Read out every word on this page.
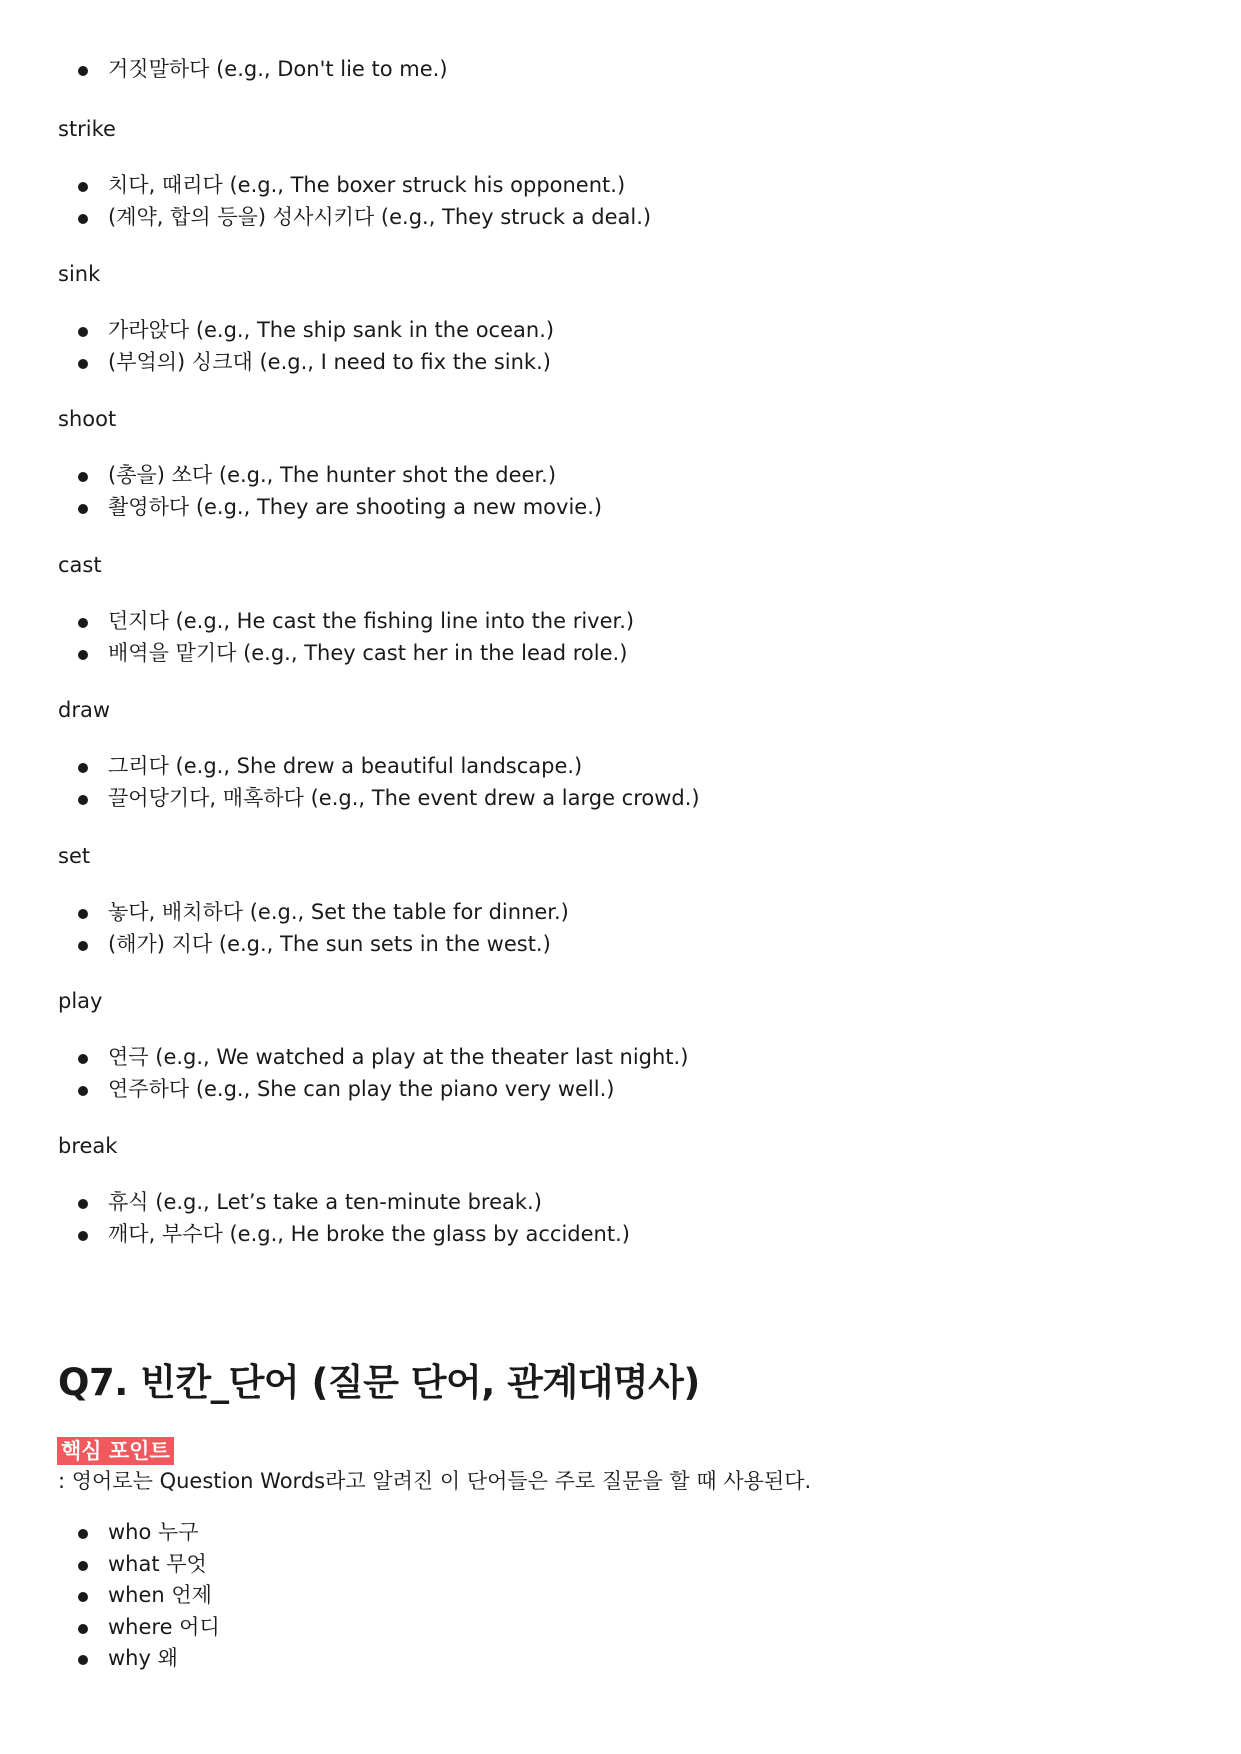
거짓말하다 (e.g., Don't lie to me.)
strike
치다, 때리다 (e.g., The boxer struck his opponent.)
(계약, 합의 등을) 성사시키다 (e.g., They struck a deal.)
sink
가라앉다 (e.g., The ship sank in the ocean.)
(부엌의) 싱크대 (e.g., I need to fix the sink.)
shoot
(총을) 쏘다 (e.g., The hunter shot the deer.)
촬영하다 (e.g., They are shooting a new movie.)
cast
던지다 (e.g., He cast the fishing line into the river.)
배역을 맡기다 (e.g., They cast her in the lead role.)
draw
그리다 (e.g., She drew a beautiful landscape.)
끌어당기다, 매혹하다 (e.g., The event drew a large crowd.)
set
놓다, 배치하다 (e.g., Set the table for dinner.)
(해가) 지다 (e.g., The sun sets in the west.)
play
연극 (e.g., We watched a play at the theater last night.)
연주하다 (e.g., She can play the piano very well.)
break
휴식 (e.g., Let’s take a ten-minute break.)
깨다, 부수다 (e.g., He broke the glass by accident.)
Q7. 빈칸_단어 (질문 단어, 관계대명사)
핵심 포인트

: 영어로는 Question Words라고 알려진 이 단어들은 주로 질문을 할 때 사용된다.

who 누구
what 무엇
when 언제
where 어디
why 왜
